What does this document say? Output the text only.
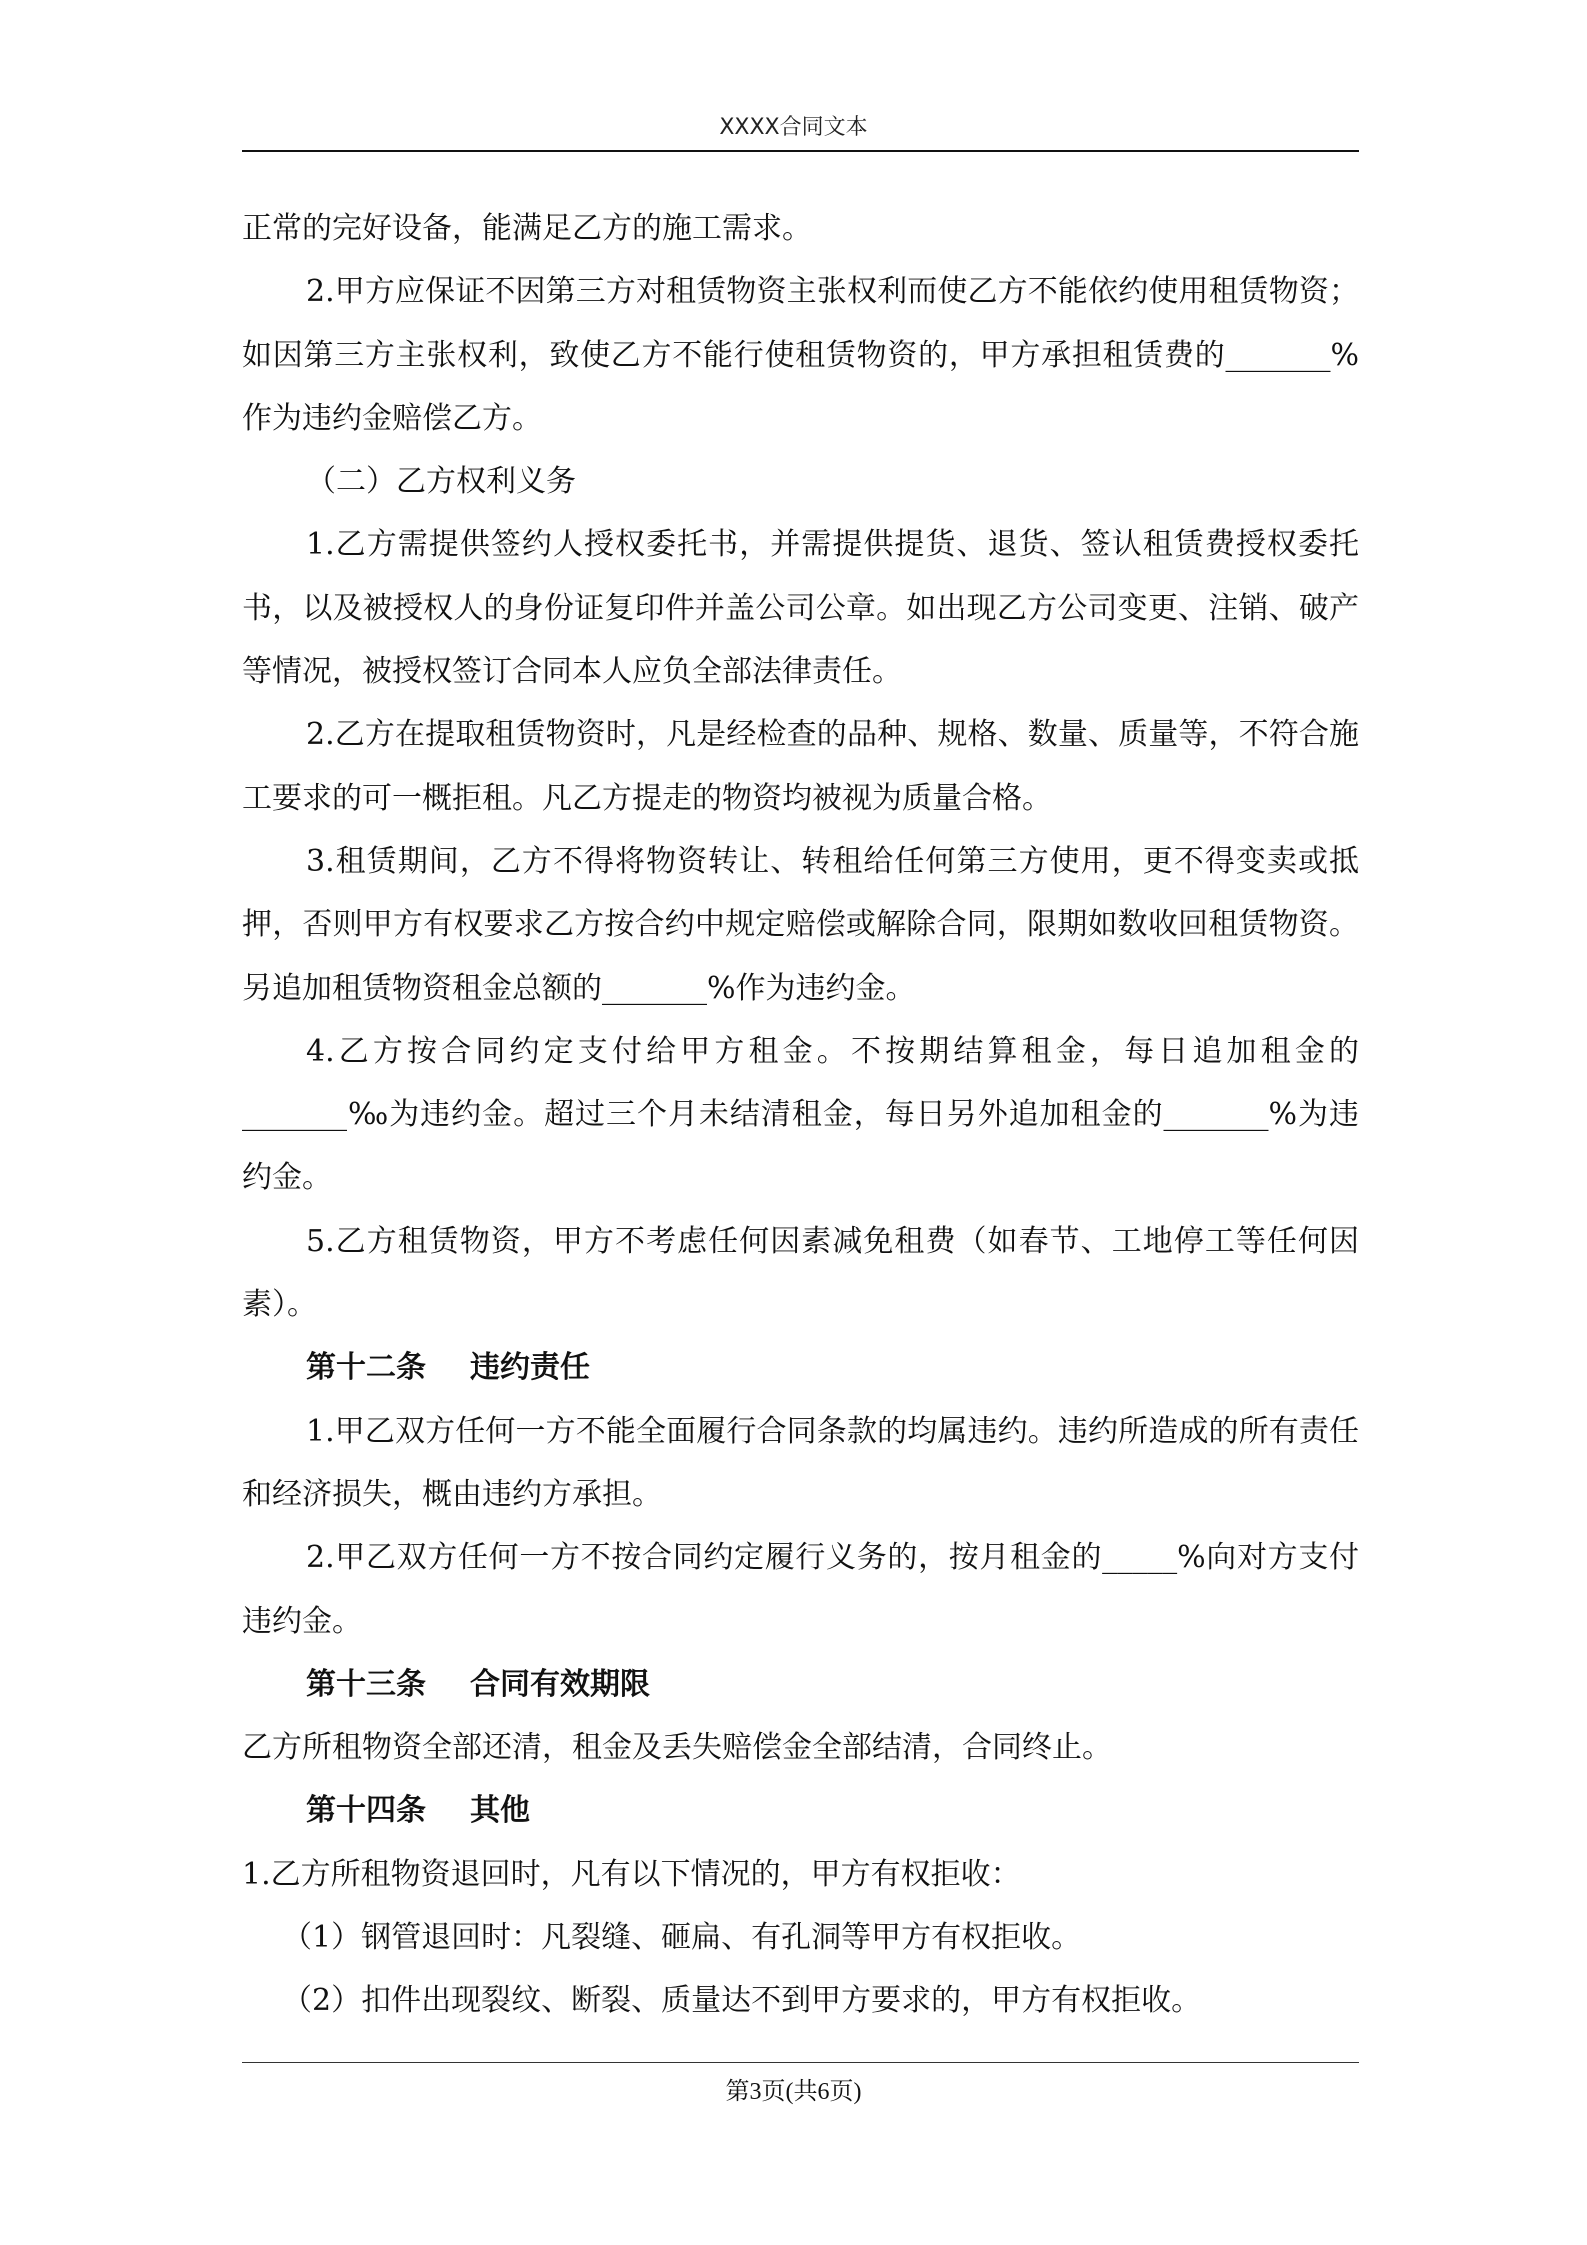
XXXX合同文本

正常的完好设备，能满足乙方的施工需求。

2.甲方应保证不因第三方对租赁物资主张权利而使乙方不能依约使用租赁物资；如因第三方主张权利，致使乙方不能行使租赁物资的，甲方承担租赁费的_______%作为违约金赔偿乙方。

（二）乙方权利义务

1.乙方需提供签约人授权委托书，并需提供提货、退货、签认租赁费授权委托书，以及被授权人的身份证复印件并盖公司公章。如出现乙方公司变更、注销、破产等情况，被授权签订合同本人应负全部法律责任。

2.乙方在提取租赁物资时，凡是经检查的品种、规格、数量、质量等，不符合施工要求的可一概拒租。凡乙方提走的物资均被视为质量合格。

3.租赁期间，乙方不得将物资转让、转租给任何第三方使用，更不得变卖或抵押，否则甲方有权要求乙方按合约中规定赔偿或解除合同，限期如数收回租赁物资。另追加租赁物资租金总额的_______%作为违约金。

4.乙方按合同约定支付给甲方租金。不按期结算租金，每日追加租金的_______‰为违约金。超过三个月未结清租金，每日另外追加租金的_______%为违约金。

5.乙方租赁物资，甲方不考虑任何因素减免租费（如春节、工地停工等任何因素）。

第十二条 违约责任

1.甲乙双方任何一方不能全面履行合同条款的均属违约。违约所造成的所有责任和经济损失，概由违约方承担。

2.甲乙双方任何一方不按合同约定履行义务的，按月租金的_____%向对方支付违约金。

第十三条 合同有效期限

乙方所租物资全部还清，租金及丢失赔偿金全部结清，合同终止。

第十四条 其他

1.乙方所租物资退回时，凡有以下情况的，甲方有权拒收：

（1）钢管退回时：凡裂缝、砸扁、有孔洞等甲方有权拒收。

（2）扣件出现裂纹、断裂、质量达不到甲方要求的，甲方有权拒收。

第3页(共6页)
